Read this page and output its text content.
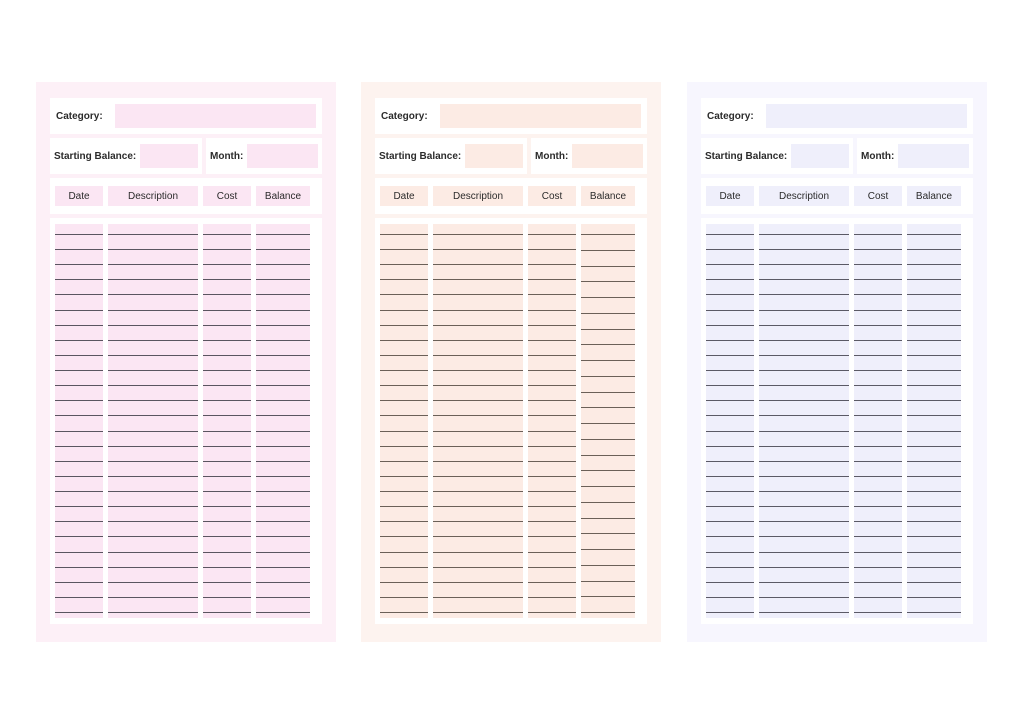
Category:
Starting Balance:	Month:
Date	Description	Cost	Balance
Category:
Starting Balance:	Month:
Date	Description	Cost	Balance
Category:
Starting Balance:	Month:
Date	Description	Cost	Balance
